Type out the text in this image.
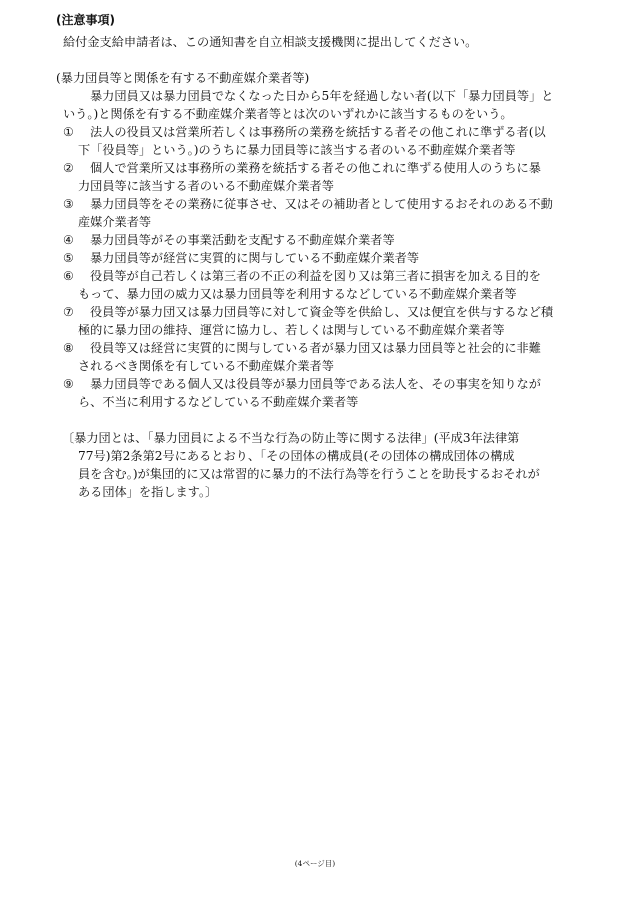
(注意事項)
給付金支給申請者は、この通知書を自立相談支援機関に提出してください。
(暴力団員等と関係を有する不動産媒介業者等)
暴力団員又は暴力団員でなくなった日から5年を経過しない者(以下「暴力団員等」と
いう。)と関係を有する不動産媒介業者等とは次のいずれかに該当するものをいう。
① 法人の役員又は営業所若しくは事務所の業務を統括する者その他これに準ずる者(以
下「役員等」という。)のうちに暴力団員等に該当する者のいる不動産媒介業者等
② 個人で営業所又は事務所の業務を統括する者その他これに準ずる使用人のうちに暴
力団員等に該当する者のいる不動産媒介業者等
③ 暴力団員等をその業務に従事させ、又はその補助者として使用するおそれのある不動
産媒介業者等
④ 暴力団員等がその事業活動を支配する不動産媒介業者等
⑤ 暴力団員等が経営に実質的に関与している不動産媒介業者等
⑥ 役員等が自己若しくは第三者の不正の利益を図り又は第三者に損害を加える目的を
もって、暴力団の威力又は暴力団員等を利用するなどしている不動産媒介業者等
⑦ 役員等が暴力団又は暴力団員等に対して資金等を供給し、又は便宜を供与するなど積
極的に暴力団の維持、運営に協力し、若しくは関与している不動産媒介業者等
⑧ 役員等又は経営に実質的に関与している者が暴力団又は暴力団員等と社会的に非難
されるべき関係を有している不動産媒介業者等
⑨ 暴力団員等である個人又は役員等が暴力団員等である法人を、その事実を知りなが
ら、不当に利用するなどしている不動産媒介業者等
〔暴力団とは、「暴力団員による不当な行為の防止等に関する法律」(平成3年法律第
77号)第2条第2号にあるとおり、「その団体の構成員(その団体の構成団体の構成
員を含む。)が集団的に又は常習的に暴力的不法行為等を行うことを助長するおそれが
ある団体」を指します。〕
(4ページ目)
